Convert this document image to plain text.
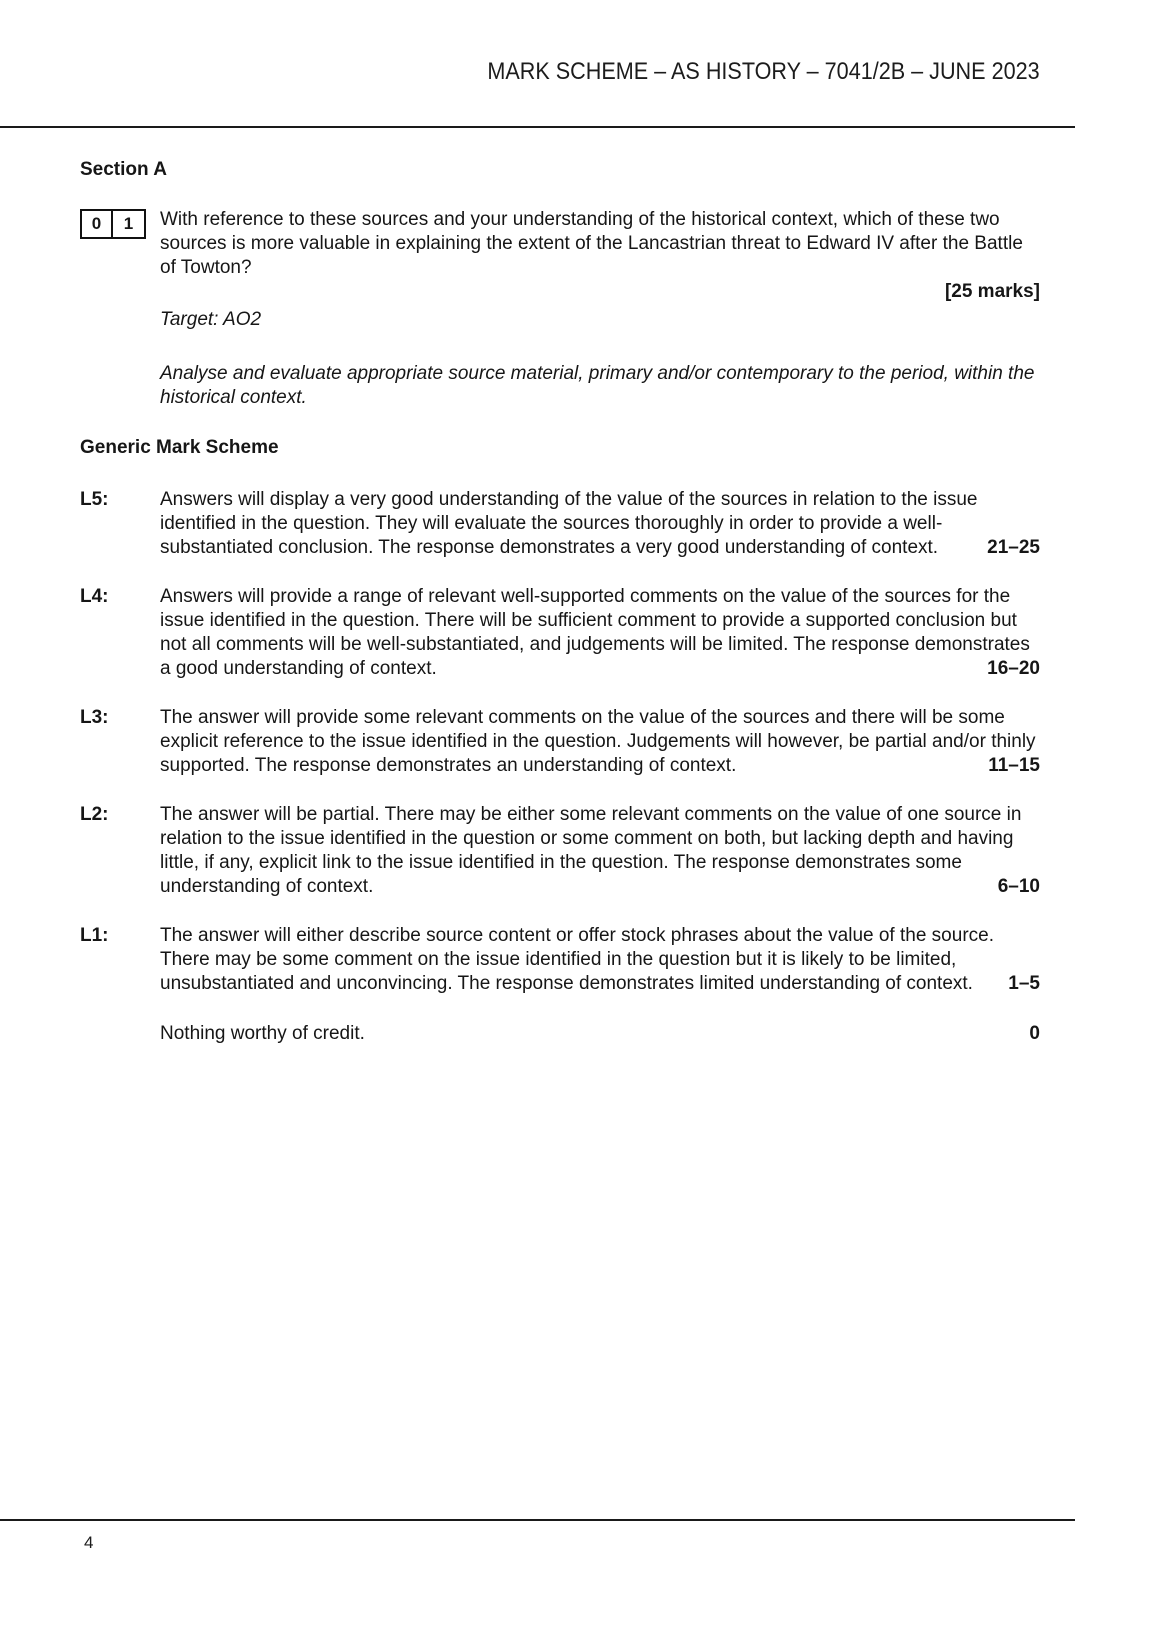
MARK SCHEME – AS HISTORY – 7041/2B – JUNE 2023
Section A
0	1	With reference to these sources and your understanding of the historical context, which of these two sources is more valuable in explaining the extent of the Lancastrian threat to Edward IV after the Battle of Towton?
[25 marks]
Target: AO2
Analyse and evaluate appropriate source material, primary and/or contemporary to the period, within the historical context.
Generic Mark Scheme
L5:	Answers will display a very good understanding of the value of the sources in relation to the issue identified in the question. They will evaluate the sources thoroughly in order to provide a well-substantiated conclusion. The response demonstrates a very good understanding of context.	21–25
L4:	Answers will provide a range of relevant well-supported comments on the value of the sources for the issue identified in the question. There will be sufficient comment to provide a supported conclusion but not all comments will be well-substantiated, and judgements will be limited. The response demonstrates a good understanding of context.	16–20
L3:	The answer will provide some relevant comments on the value of the sources and there will be some explicit reference to the issue identified in the question. Judgements will however, be partial and/or thinly supported. The response demonstrates an understanding of context.	11–15
L2:	The answer will be partial. There may be either some relevant comments on the value of one source in relation to the issue identified in the question or some comment on both, but lacking depth and having little, if any, explicit link to the issue identified in the question. The response demonstrates some understanding of context.	6–10
L1:	The answer will either describe source content or offer stock phrases about the value of the source. There may be some comment on the issue identified in the question but it is likely to be limited, unsubstantiated and unconvincing. The response demonstrates limited understanding of context. 1–5
Nothing worthy of credit.	0
4
